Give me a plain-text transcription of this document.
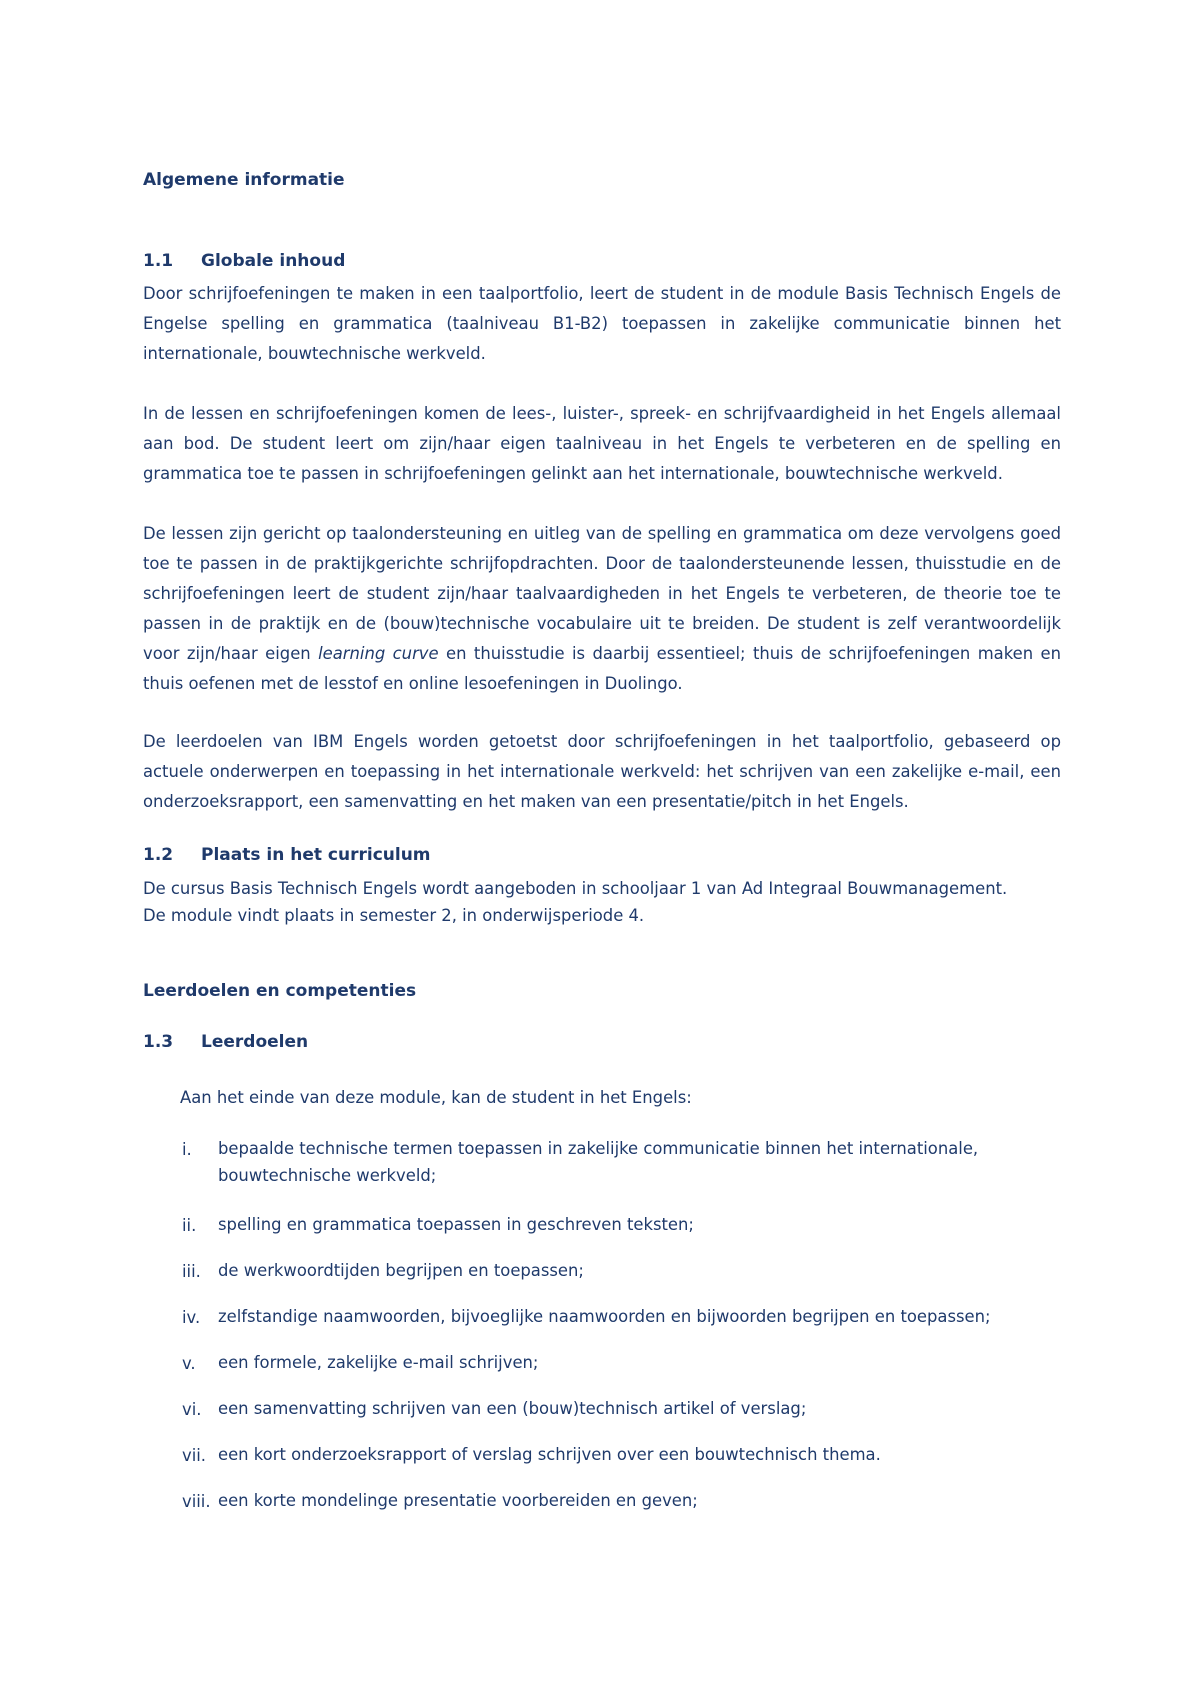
Algemene informatie
1.1 Globale inhoud

Door schrijfoefeningen te maken in een taalportfolio, leert de student in de module Basis Technisch Engels de Engelse spelling en grammatica (taalniveau B1-B2) toepassen in zakelijke communicatie binnen het internationale, bouwtechnische werkveld.

In de lessen en schrijfoefeningen komen de lees-, luister-, spreek- en schrijfvaardigheid in het Engels allemaal aan bod. De student leert om zijn/haar eigen taalniveau in het Engels te verbeteren en de spelling en grammatica toe te passen in schrijfoefeningen gelinkt aan het internationale, bouwtechnische werkveld.

De lessen zijn gericht op taalondersteuning en uitleg van de spelling en grammatica om deze vervolgens goed toe te passen in de praktijkgerichte schrijfopdrachten. Door de taalondersteunende lessen, thuisstudie en de schrijfoefeningen leert de student zijn/haar taalvaardigheden in het Engels te verbeteren, de theorie toe te passen in de praktijk en de (bouw)technische vocabulaire uit te breiden. De student is zelf verantwoordelijk voor zijn/haar eigen learning curve en thuisstudie is daarbij essentieel; thuis de schrijfoefeningen maken en thuis oefenen met de lesstof en online lesoefeningen in Duolingo.

De leerdoelen van IBM Engels worden getoetst door schrijfoefeningen in het taalportfolio, gebaseerd op actuele onderwerpen en toepassing in het internationale werkveld: het schrijven van een zakelijke e-mail, een onderzoeksrapport, een samenvatting en het maken van een presentatie/pitch in het Engels.

1.2 Plaats in het curriculum
De cursus Basis Technisch Engels wordt aangeboden in schooljaar 1 van Ad Integraal Bouwmanagement.
De module vindt plaats in semester 2, in onderwijsperiode 4.
Leerdoelen en competenties
1.3 Leerdoelen
Aan het einde van deze module, kan de student in het Engels:
i. bepaalde technische termen toepassen in zakelijke communicatie binnen het internationale,
bouwtechnische werkveld;
ii. spelling en grammatica toepassen in geschreven teksten;
iii. de werkwoordtijden begrijpen en toepassen;
iv. zelfstandige naamwoorden, bijvoeglijke naamwoorden en bijwoorden begrijpen en toepassen;
v. een formele, zakelijke e-mail schrijven;
vi. een samenvatting schrijven van een (bouw)technisch artikel of verslag;
vii. een kort onderzoeksrapport of verslag schrijven over een bouwtechnisch thema.
viii. een korte mondelinge presentatie voorbereiden en geven;
